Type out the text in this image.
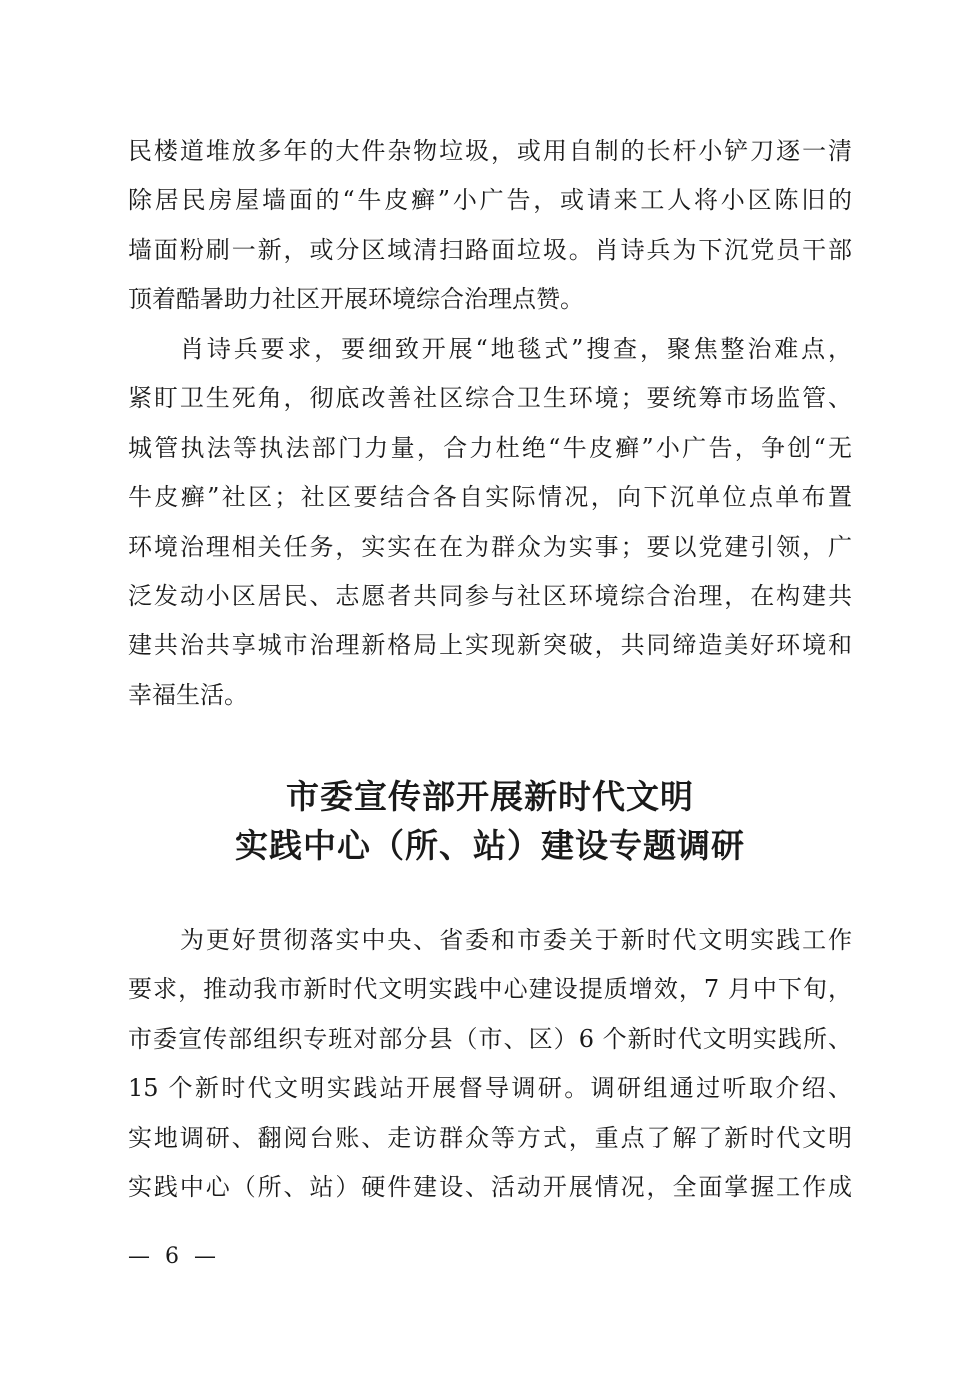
民楼道堆放多年的大件杂物垃圾，或用自制的长杆小铲刀逐一清
除居民房屋墙面的“牛皮癣”小广告，或请来工人将小区陈旧的
墙面粉刷一新，或分区域清扫路面垃圾。肖诗兵为下沉党员干部
顶着酷暑助力社区开展环境综合治理点赞。
肖诗兵要求，要细致开展“地毯式”搜查，聚焦整治难点，
紧盯卫生死角，彻底改善社区综合卫生环境；要统筹市场监管、
城管执法等执法部门力量，合力杜绝“牛皮癣”小广告，争创“无
牛皮癣”社区；社区要结合各自实际情况，向下沉单位点单布置
环境治理相关任务，实实在在为群众为实事；要以党建引领，广
泛发动小区居民、志愿者共同参与社区环境综合治理，在构建共
建共治共享城市治理新格局上实现新突破，共同缔造美好环境和
幸福生活。
市委宣传部开展新时代文明
实践中心（所、站）建设专题调研
为更好贯彻落实中央、省委和市委关于新时代文明实践工作
要求，推动我市新时代文明实践中心建设提质增效，7 月中下旬，
市委宣传部组织专班对部分县（市、区）6 个新时代文明实践所、
15 个新时代文明实践站开展督导调研。调研组通过听取介绍、
实地调研、翻阅台账、走访群众等方式，重点了解了新时代文明
实践中心（所、站）硬件建设、活动开展情况，全面掌握工作成
— 6 —
